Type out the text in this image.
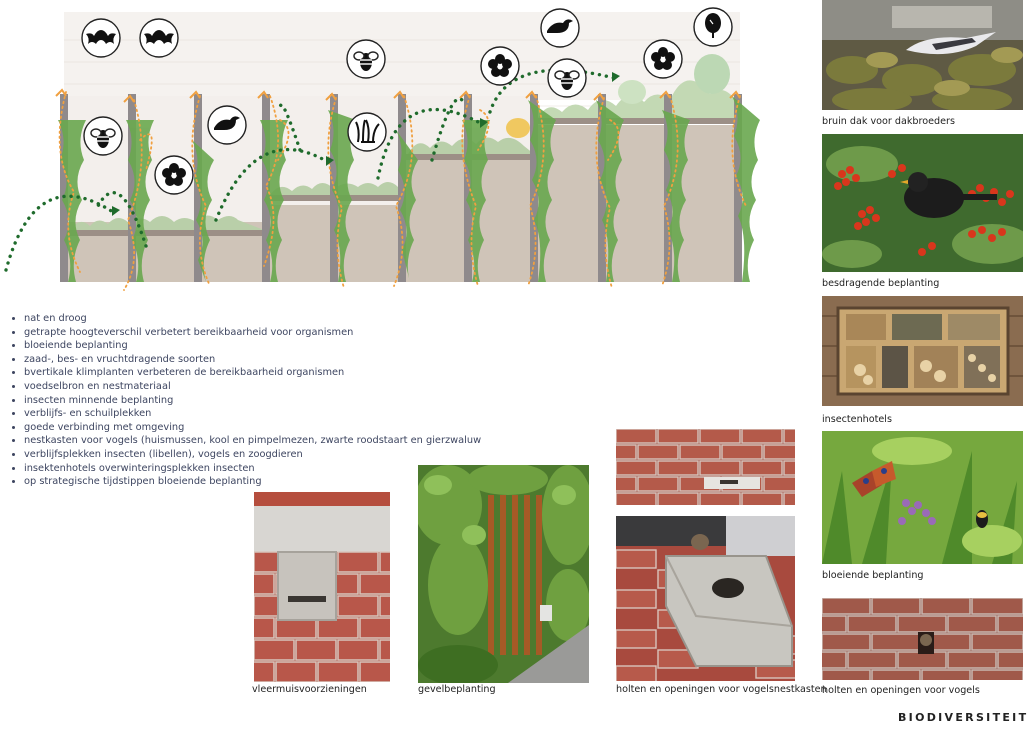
• nat en droog
• getrapte hoogteverschil verbetert bereikbaarheid voor organismen
• bloeiende beplanting
• zaad-, bes- en vruchtdragende soorten
• bvertikale klimplanten verbeteren de bereikbaarheid organismen
• voedselbron en nestmateriaal
• insecten minnende beplanting
• verblijfs- en schuilplekken
• goede verbinding met omgeving
• nestkasten voor vogels (huismussen, kool en pimpelmezen, zwarte roodstaart en gierzwaluw
• verblijfsplekken insecten (libellen), vogels en zoogdieren
• insektenhotels overwinteringsplekken insecten
• op strategische tijdstippen bloeiende beplanting
bruin dak voor dakbroeders
besdragende beplanting
insectenhotels
bloeiende beplanting
holten en openingen voor vogels
vleermuisvoorzieningen	gevelbeplanting	holten en openingen voor vogelsnestkasten
BIODIVERSITEIT
